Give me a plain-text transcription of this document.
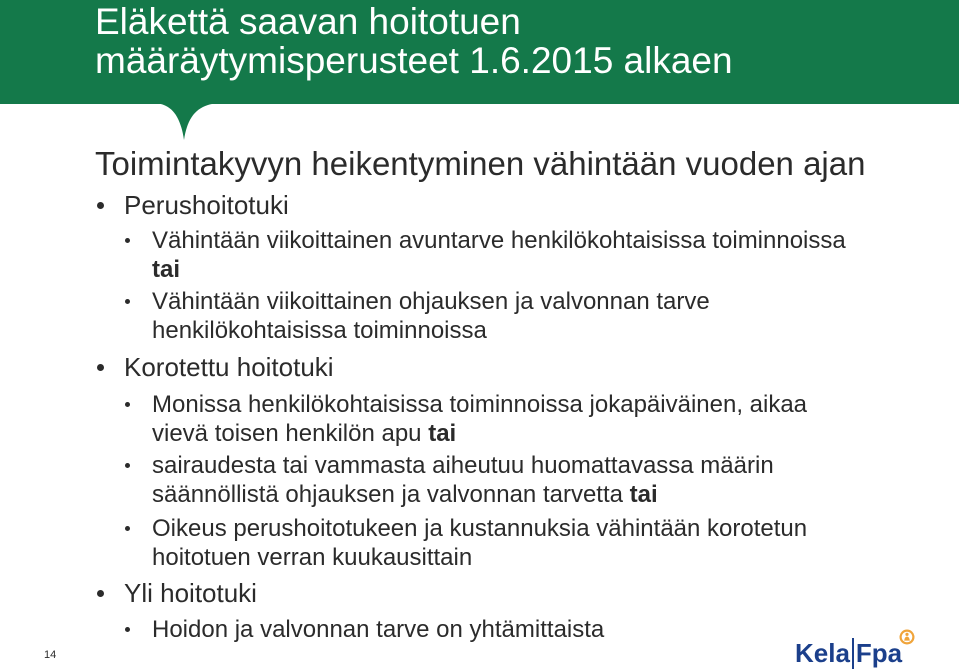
Eläkettä saavan hoitotuen
määräytymisperusteet 1.6.2015 alkaen
Toimintakyvyn heikentyminen vähintään vuoden ajan
Perushoitotuki
Vähintään viikoittainen avuntarve henkilökohtaisissa toiminnoissa
tai
Vähintään viikoittainen ohjauksen ja valvonnan tarve
henkilökohtaisissa toiminnoissa
Korotettu hoitotuki
Monissa henkilökohtaisissa toiminnoissa jokapäiväinen, aikaa
vievä toisen henkilön apu tai
sairaudesta tai vammasta aiheutuu huomattavassa määrin
säännöllistä ohjauksen ja valvonnan tarvetta tai
Oikeus perushoitotukeen ja kustannuksia vähintään korotetun
hoitotuen verran kuukausittain
Yli hoitotuki
Hoidon ja valvonnan tarve on yhtämittaista
14	Kela Fpa
